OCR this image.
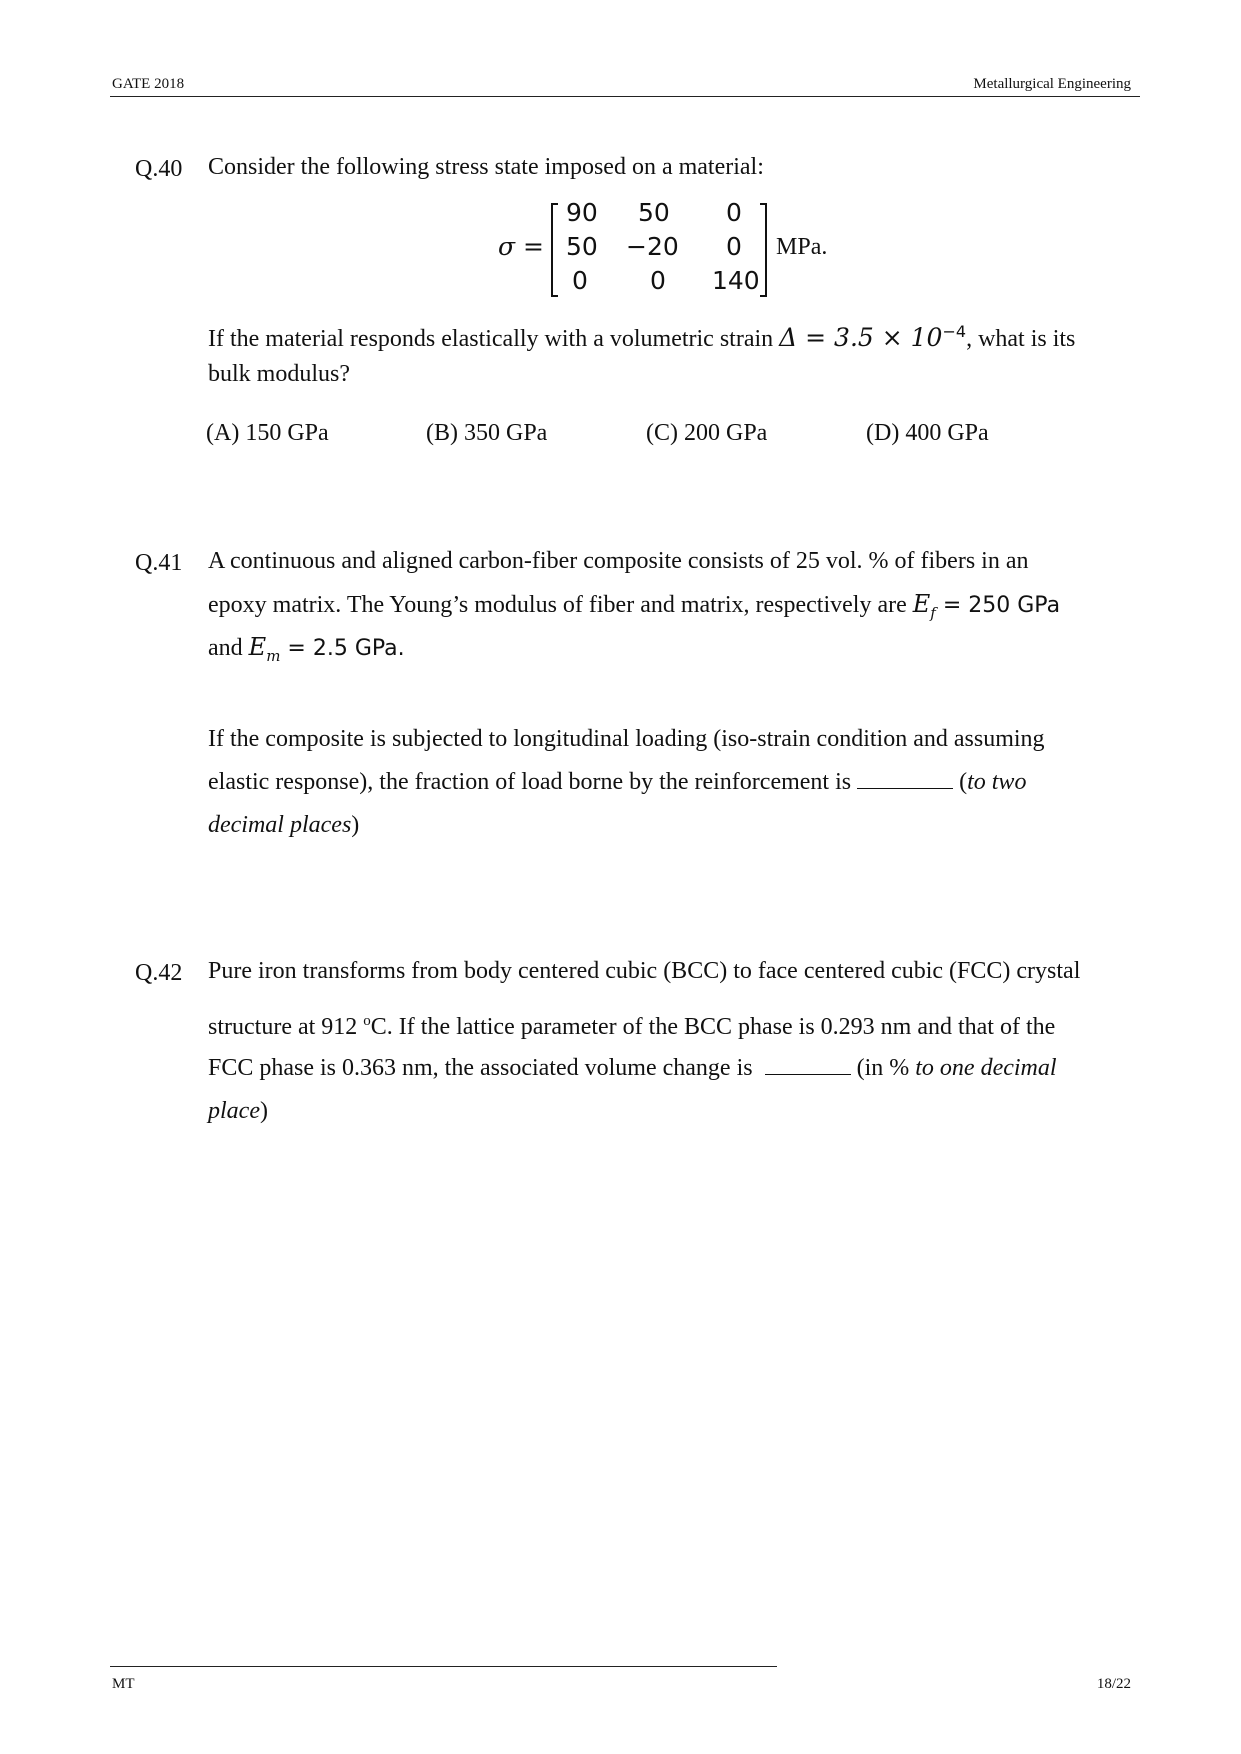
GATE 2018	Metallurgical Engineering
Q.40 Consider the following stress state imposed on a material:
σ =
90 50 0
50 −20 0
0 0 140
MPa.
If the material responds elastically with a volumetric strain $\Delta = 3.5 \times 10^{-4}$, what is its
bulk modulus?
(A) 150 GPa	(B) 350 GPa	(C) 200 GPa	(D) 400 GPa
Q.41 A continuous and aligned carbon-fiber composite consists of 25 vol. % of fibers in an
epoxy matrix. The Young’s modulus of fiber and matrix, respectively are $E_f = 250$ GPa
and $E_m = 2.5$ GPa.
If the composite is subjected to longitudinal loading (iso-strain condition and assuming
elastic response), the fraction of load borne by the reinforcement is	(to two
decimal places)
Q.42 Pure iron transforms from body centered cubic (BCC) to face centered cubic (FCC) crystal
structure at 912 $^o$C. If the lattice parameter of the BCC phase is 0.293 nm and that of the
FCC phase is 0.363 nm, the associated volume change is	(in % to one decimal
place)
MT	18/22
